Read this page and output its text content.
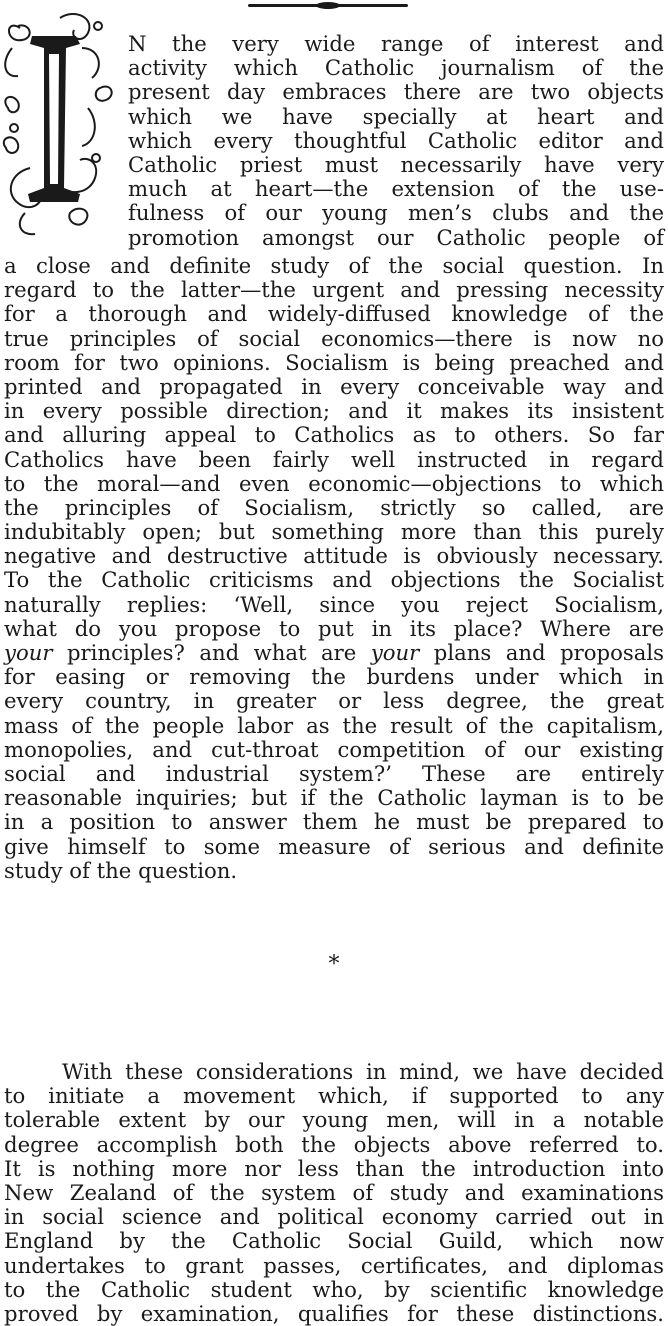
I
N the very wide range of interest and
activity which Catholic journalism of the
present day embraces there are two objects
which we have specially at heart and
which every thoughtful Catholic editor and
Catholic priest must necessarily have very
much at heart—the extension of the use-
fulness of our young men’s clubs and the
promotion amongst our Catholic people of
a close and definite study of the social question. In
regard to the latter—the urgent and pressing necessity
for a thorough and widely-diffused knowledge of the
true principles of social economics—there is now no
room for two opinions. Socialism is being preached and
printed and propagated in every conceivable way and
in every possible direction; and it makes its insistent
and alluring appeal to Catholics as to others. So far
Catholics have been fairly well instructed in regard
to the moral—and even economic—objections to which
the principles of Socialism, strictly so called, are
indubitably open; but something more than this purely
negative and destructive attitude is obviously necessary.
To the Catholic criticisms and objections the Socialist
naturally replies: ‘Well, since you reject Socialism,
what do you propose to put in its place? Where are
your principles? and what are your plans and proposals
for easing or removing the burdens under which in
every country, in greater or less degree, the great
mass of the people labor as the result of the capitalism,
monopolies, and cut-throat competition of our existing
social and industrial system?’ These are entirely
reasonable inquiries; but if the Catholic layman is to be
in a position to answer them he must be prepared to
give himself to some measure of serious and definite
study of the question.
*
With these considerations in mind, we have decided
to initiate a movement which, if supported to any
tolerable extent by our young men, will in a notable
degree accomplish both the objects above referred to.
It is nothing more nor less than the introduction into
New Zealand of the system of study and examinations
in social science and political economy carried out in
England by the Catholic Social Guild, which now
undertakes to grant passes, certificates, and diplomas
to the Catholic student who, by scientific knowledge
proved by examination, qualifies for these distinctions.
